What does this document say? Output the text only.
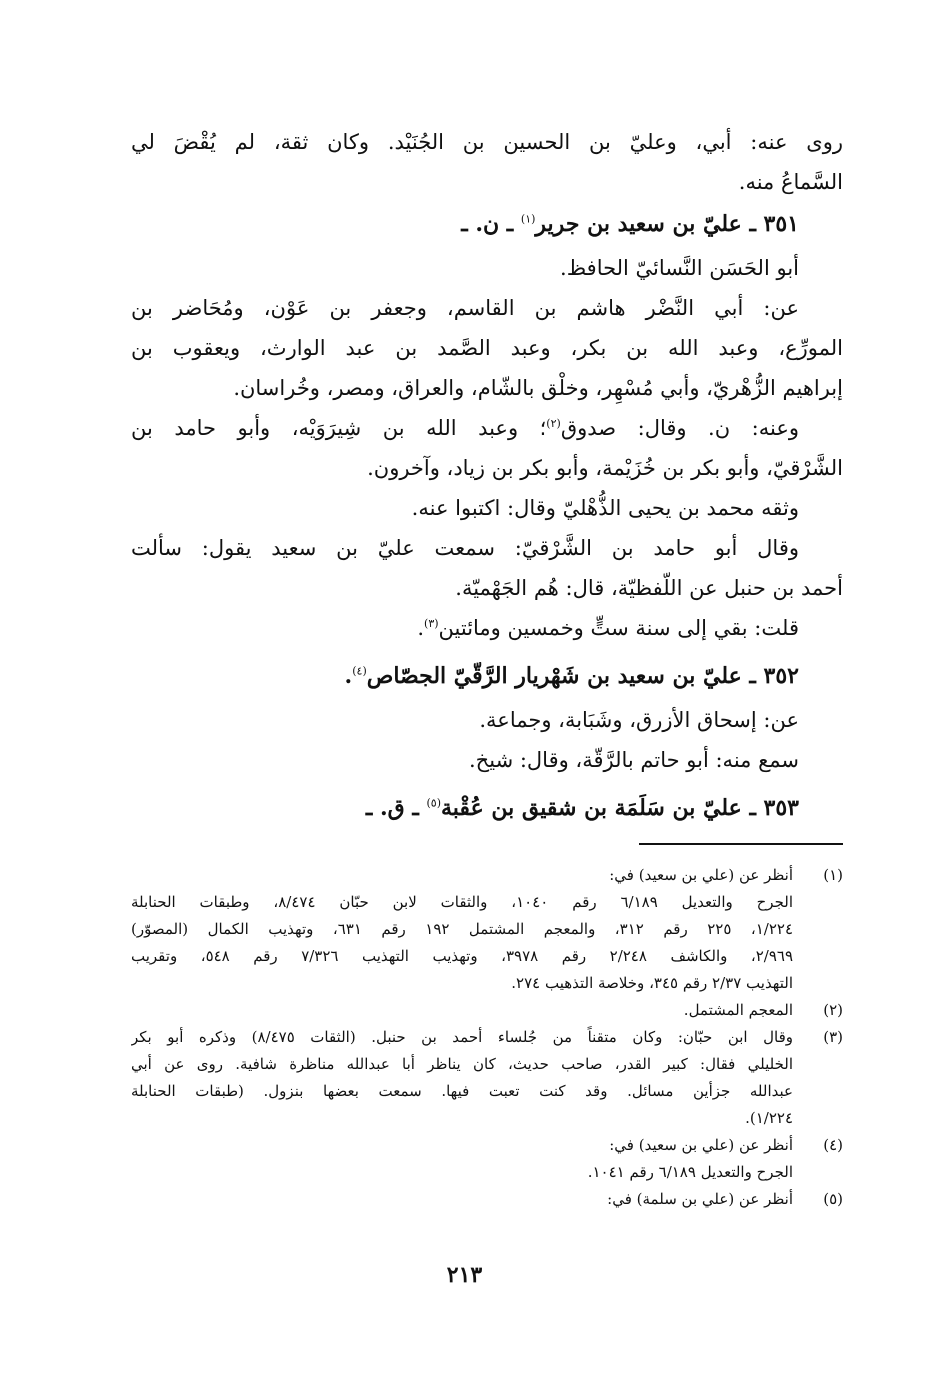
روى عنه: أبي، وعليّ بن الحسين بن الجُنَيْد. وكان ثقة، لم يُقْضَ لي
السَّماعُ منه.
٣٥١ ـ عليّ بن سعيد بن جرير$^{(١)}$ ـ ن. ـ
أبو الحَسَن النَّسائيّ الحافظ.
عن: أبي النَّضْر هاشم بن القاسم، وجعفر بن عَوْن، ومُحَاضر بن
المورِّع، وعبد الله بن بكر، وعبد الصَّمد بن عبد الوارث، ويعقوب بن
إبراهيم الزُّهْريّ، وأبي مُسْهِر، وخلْق بالشّام، والعراق، ومصر، وخُراسان.
وعنه: ن. وقال: صدوق$^{(٢)}$؛ وعبد الله بن شِيرَوَيْه، وأبو حامد بن
الشَّرْقيّ، وأبو بكر بن خُزَيْمة، وأبو بكر بن زياد، وآخرون.
وثقه محمد بن يحيى الذُّهْليّ وقال: اكتبوا عنه.
وقال أبو حامد بن الشَّرْقيّ: سمعت عليّ بن سعيد يقول: سألت
أحمد بن حنبل عن اللّفظيّة، قال: هُم الجَهْميّة.
قلت: بقي إلى سنة ستٍّ وخمسين ومائتين$^{(٣)}$.
٣٥٢ ـ عليّ بن سعيد بن شَهْريار الرَّقّيّ الجصّاص$^{(٤)}$.
عن: إسحاق الأزرق، وشَبَابة، وجماعة.
سمع منه: أبو حاتم بالرَّقّة، وقال: شيخ.
٣٥٣ ـ عليّ بن سَلَمَة بن شقيق بن عُقْبة$^{(٥)}$ ـ ق. ـ
(١)
أنظر عن (علي بن سعيد) في:
الجرح والتعديل ٦/١٨٩ رقم ١٠٤٠، والثقات لابن حبّان ٨/٤٧٤، وطبقات الحنابلة
١/٢٢٤، ٢٢٥ رقم ٣١٢، والمعجم المشتمل ١٩٢ رقم ٦٣١، وتهذيب الكمال (المصوّر)
٢/٩٦٩، والكاشف ٢/٢٤٨ رقم ٣٩٧٨، وتهذيب التهذيب ٧/٣٢٦ رقم ٥٤٨، وتقريب
التهذيب ٢/٣٧ رقم ٣٤٥، وخلاصة التذهيب ٢٧٤.
(٢)
المعجم المشتمل.
(٣)
وقال ابن حبّان: وكان متقناً من جُلساء أحمد بن حنبل. (الثقات ٨/٤٧٥) وذكره أبو بكر
الخليلي فقال: كبير القدر، صاحب حديث، كان يناظر أبا عبدالله مناظرة شافية. روى عن أبي
عبدالله جزأين مسائل. وقد كنت تعبت فيها. سمعت بعضها بنزول. (طبقات الحنابلة
١/٢٢٤).
(٤)
أنظر عن (علي بن سعيد) في:
الجرح والتعديل ٦/١٨٩ رقم ١٠٤١.
(٥)
أنظر عن (علي بن سلمة) في:
٢١٣
